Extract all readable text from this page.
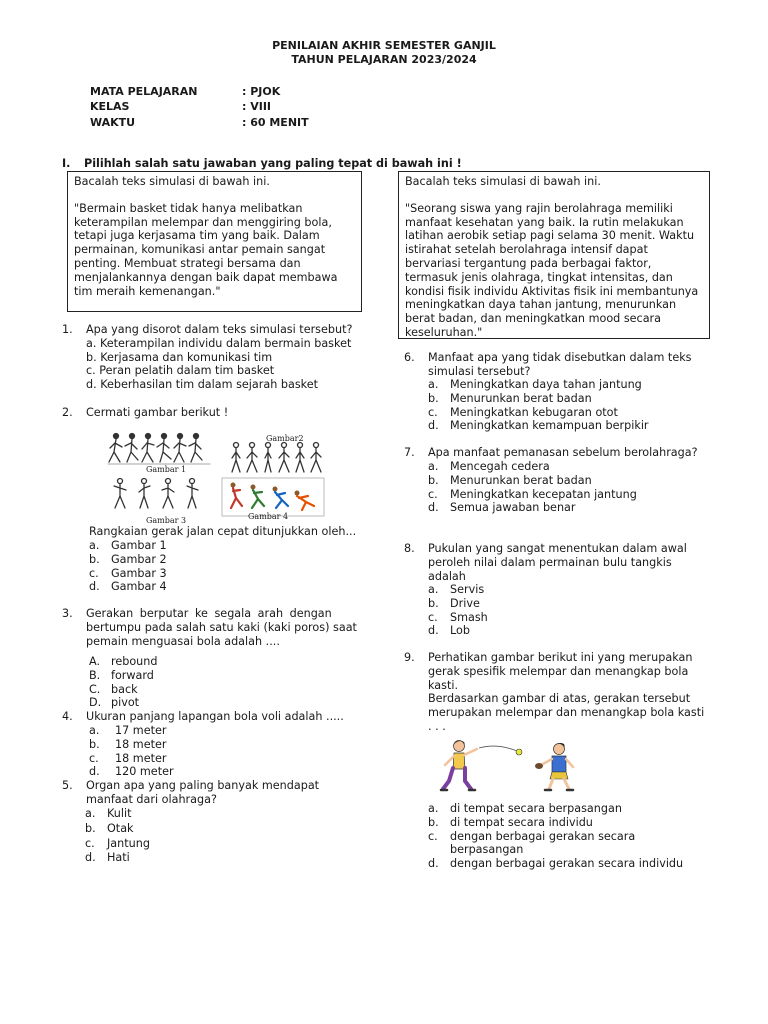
PENILAIAN AKHIR SEMESTER GANJIL
TAHUN PELAJARAN 2023/2024
MATA PELAJARAN	: PJOK
KELAS	: VIII
WAKTU	: 60 MENIT
I. Pilihlah salah satu jawaban yang paling tepat di bawah ini !

Bacalah teks simulasi di bawah ini.

"Bermain basket tidak hanya melibatkan
keterampilan melempar dan menggiring bola,
tetapi juga kerjasama tim yang baik. Dalam
permainan, komunikasi antar pemain sangat
penting. Membuat strategi bersama dan
menjalankannya dengan baik dapat membawa
tim meraih kemenangan."

Bacalah teks simulasi di bawah ini.

"Seorang siswa yang rajin berolahraga memiliki
manfaat kesehatan yang baik. Ia rutin melakukan
latihan aerobik setiap pagi selama 30 menit. Waktu
istirahat setelah berolahraga intensif dapat
bervariasi tergantung pada berbagai faktor,
termasuk jenis olahraga, tingkat intensitas, dan
kondisi fisik individu Aktivitas fisik ini membantunya
meningkatkan daya tahan jantung, menurunkan
berat badan, dan meningkatkan mood secara
keseluruhan."
1.	Apa yang disorot dalam teks simulasi tersebut?
a. Keterampilan individu dalam bermain basket
b. Kerjasama dan komunikasi tim
c. Peran pelatih dalam tim basket
d. Keberhasilan tim dalam sejarah basket
2.	Cermati gambar berikut !
Gambar 1
Gambar2
Gambar 3	Gambar 4
Rangkaian gerak jalan cepat ditunjukkan oleh...
a.	Gambar 1
b.	Gambar 2
c.	Gambar 3
d.	Gambar 4
3.	Gerakan berputar ke segala arah dengan
bertumpu pada salah satu kaki (kaki poros) saat
pemain menguasai bola adalah ....
A. rebound
B. forward
C. back
D. pivot
4.	Ukuran panjang lapangan bola voli adalah .....
a.	17 meter
b.	18 meter
c.	18 meter
d.	120 meter
5.	Organ apa yang paling banyak mendapat
manfaat dari olahraga?
a.	Kulit
b.	Otak
c.	Jantung
d.	Hati
6.	Manfaat apa yang tidak disebutkan dalam teks
simulasi tersebut?
a.	Meningkatkan daya tahan jantung
b.	Menurunkan berat badan
c.	Meningkatkan kebugaran otot
d.	Meningkatkan kemampuan berpikir
7.	Apa manfaat pemanasan sebelum berolahraga?
a.	Mencegah cedera
b.	Menurunkan berat badan
c.	Meningkatkan kecepatan jantung
d.	Semua jawaban benar
8.	Pukulan yang sangat menentukan dalam awal
peroleh nilai dalam permainan bulu tangkis
adalah
a.	Servis
b.	Drive
c.	Smash
d.	Lob
9.	Perhatikan gambar berikut ini yang merupakan
gerak spesifik melempar dan menangkap bola
kasti.
Berdasarkan gambar di atas, gerakan tersebut
merupakan melempar dan menangkap bola kasti
. . .
a.	di tempat secara berpasangan
b.	di tempat secara individu
c.	dengan berbagai gerakan secara
berpasangan
d.	dengan berbagai gerakan secara individu
